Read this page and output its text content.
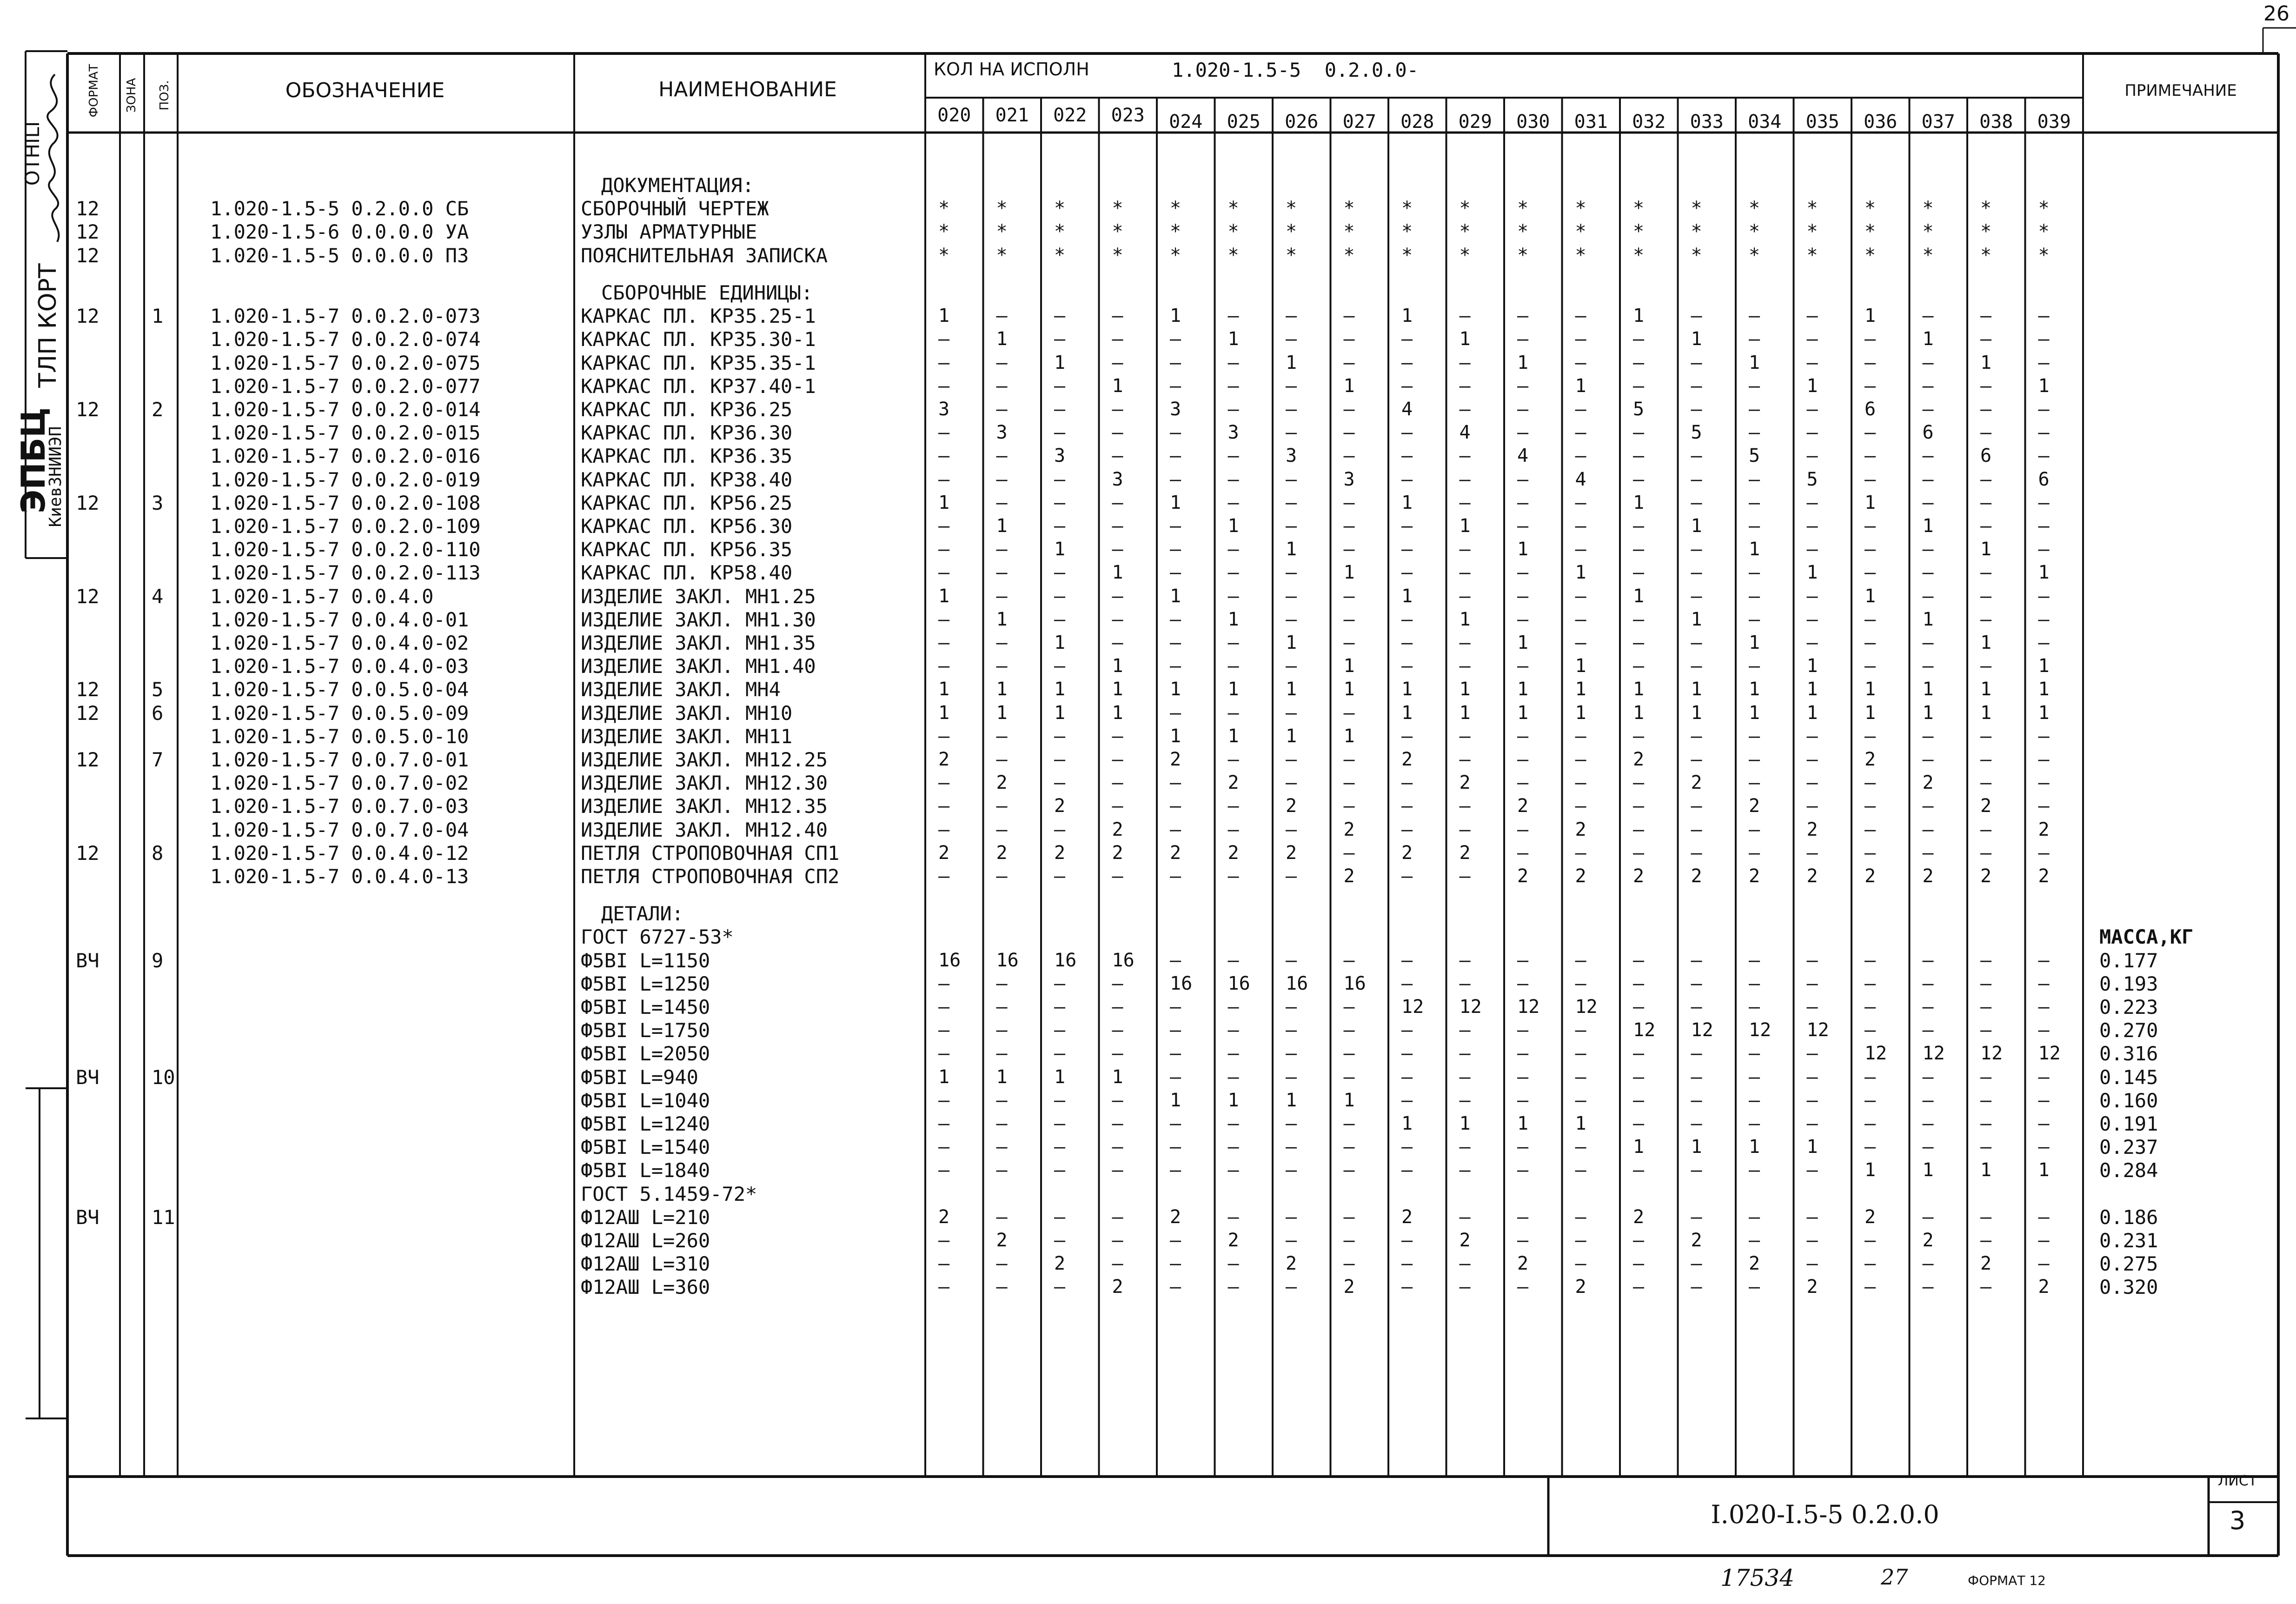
26
ФОРМАТ ЗОНА ПОЗ.	ОБОЗНАЧЕНИЕ	НАИМЕНОВАНИЕ
КОЛ НА ИСПОЛН	1.020-1.5-5  0.2.0.0-
ПРИМЕЧАНИЕ
020 021 022 023 024 025 026 027 028 029 030 031 032 033 034 035 036 037 038 039
КиевЗНИИЭП
ЭПБЦ
ТЛП КОРТ
OTHILI	ДОКУМЕНТАЦИЯ:
12	1.020-1.5-5 0.2.0.0 СБ	СБОРОЧНЫЙ ЧЕРТЕЖ	*	*	*	*	*	*	*	*	*	*	*	*	*	*	*	*	*	*	*	*
12	1.020-1.5-6 0.0.0.0 УА	УЗЛЫ АРМАТУРНЫЕ	*	*	*	*	*	*	*	*	*	*	*	*	*	*	*	*	*	*	*	*
12	1.020-1.5-5 0.0.0.0 ПЗ	ПОЯСНИТЕЛЬНАЯ ЗАПИСКА	*	*	*	*	*	*	*	*	*	*	*	*	*	*	*	*	*	*	*	*
СБОРОЧНЫЕ ЕДИНИЦЫ:
12	1 1.020-1.5-7 0.0.2.0-073	КАРКАС ПЛ. КР35.25-1	1	–	–	–	1	–	–	–	1	–	–	–	1	–	–	–	1	–	–	–
1.020-1.5-7 0.0.2.0-074	КАРКАС ПЛ. КР35.30-1	–	1	–	–	–	1	–	–	–	1	–	–	–	1	–	–	–	1	–	–
1.020-1.5-7 0.0.2.0-075	КАРКАС ПЛ. КР35.35-1	–	–	1	–	–	–	1	–	–	–	1	–	–	–	1	–	–	–	1	–
1.020-1.5-7 0.0.2.0-077	КАРКАС ПЛ. КР37.40-1	–	–	–	1	–	–	–	1	–	–	–	1	–	–	–	1	–	–	–	1
12	2 1.020-1.5-7 0.0.2.0-014	КАРКАС ПЛ. КР36.25	3	–	–	–	3	–	–	–	4	–	–	–	5	–	–	–	6	–	–	–
1.020-1.5-7 0.0.2.0-015	КАРКАС ПЛ. КР36.30	–	3	–	–	–	3	–	–	–	4	–	–	–	5	–	–	–	6	–	–
1.020-1.5-7 0.0.2.0-016	КАРКАС ПЛ. КР36.35	–	–	3	–	–	–	3	–	–	–	4	–	–	–	5	–	–	–	6	–
1.020-1.5-7 0.0.2.0-019	КАРКАС ПЛ. КР38.40	–	–	–	3	–	–	–	3	–	–	–	4	–	–	–	5	–	–	–	6
12	3 1.020-1.5-7 0.0.2.0-108	КАРКАС ПЛ. КР56.25	1	–	–	–	1	–	–	–	1	–	–	–	1	–	–	–	1	–	–	–
1.020-1.5-7 0.0.2.0-109	КАРКАС ПЛ. КР56.30	–	1	–	–	–	1	–	–	–	1	–	–	–	1	–	–	–	1	–	–
1.020-1.5-7 0.0.2.0-110	КАРКАС ПЛ. КР56.35	–	–	1	–	–	–	1	–	–	–	1	–	–	–	1	–	–	–	1	–
1.020-1.5-7 0.0.2.0-113	КАРКАС ПЛ. КР58.40	–	–	–	1	–	–	–	1	–	–	–	1	–	–	–	1	–	–	–	1
12	4 1.020-1.5-7 0.0.4.0	ИЗДЕЛИЕ ЗАКЛ. МН1.25	1	–	–	–	1	–	–	–	1	–	–	–	1	–	–	–	1	–	–	–
1.020-1.5-7 0.0.4.0-01	ИЗДЕЛИЕ ЗАКЛ. МН1.30	–	1	–	–	–	1	–	–	–	1	–	–	–	1	–	–	–	1	–	–
1.020-1.5-7 0.0.4.0-02	ИЗДЕЛИЕ ЗАКЛ. МН1.35	–	–	1	–	–	–	1	–	–	–	1	–	–	–	1	–	–	–	1	–
1.020-1.5-7 0.0.4.0-03	ИЗДЕЛИЕ ЗАКЛ. МН1.40	–	–	–	1	–	–	–	1	–	–	–	1	–	–	–	1	–	–	–	1
12	5 1.020-1.5-7 0.0.5.0-04	ИЗДЕЛИЕ ЗАКЛ. МН4	1	1	1	1	1	1	1	1	1	1	1	1	1	1	1	1	1	1	1	1
12	6 1.020-1.5-7 0.0.5.0-09	ИЗДЕЛИЕ ЗАКЛ. МН10	1	1	1	1	–	–	–	–	1	1	1	1	1	1	1	1	1	1	1	1
1.020-1.5-7 0.0.5.0-10	ИЗДЕЛИЕ ЗАКЛ. МН11	–	–	–	–	1	1	1	1	–	–	–	–	–	–	–	–	–	–	–	–
12	7 1.020-1.5-7 0.0.7.0-01	ИЗДЕЛИЕ ЗАКЛ. МН12.25	2	–	–	–	2	–	–	–	2	–	–	–	2	–	–	–	2	–	–	–
1.020-1.5-7 0.0.7.0-02	ИЗДЕЛИЕ ЗАКЛ. МН12.30	–	2	–	–	–	2	–	–	–	2	–	–	–	2	–	–	–	2	–	–
1.020-1.5-7 0.0.7.0-03	ИЗДЕЛИЕ ЗАКЛ. МН12.35	–	–	2	–	–	–	2	–	–	–	2	–	–	–	2	–	–	–	2	–
1.020-1.5-7 0.0.7.0-04	ИЗДЕЛИЕ ЗАКЛ. МН12.40	–	–	–	2	–	–	–	2	–	–	–	2	–	–	–	2	–	–	–	2
12	8 1.020-1.5-7 0.0.4.0-12	ПЕТЛЯ СТРОПОВОЧНАЯ СП1	2	2	2	2	2	2	2	–	2	2	–	–	–	–	–	–	–	–	–	–
1.020-1.5-7 0.0.4.0-13	ПЕТЛЯ СТРОПОВОЧНАЯ СП2	–	–	–	–	–	–	–	2	–	–	2	2	2	2	2	2	2	2	2	2
ДЕТАЛИ:
ГОСТ 6727-53*	МАССА,КГ
ВЧ	9	Ф5ВI L=1150	16 16 16 16 –	–	–	–	–	–	–	–	–	–	–	–	–	–	–	–	0.177
Ф5ВI L=1250	–	–	–	–	16 16 16 16 –	–	–	–	–	–	–	–	–	–	–	–	0.193
Ф5ВI L=1450	–	–	–	–	–	–	–	–	12 12 12 12 –	–	–	–	–	–	–	–	0.223
Ф5ВI L=1750	–	–	–	–	–	–	–	–	–	–	–	–	12 12 12 12 –	–	–	–	0.270
Ф5ВI L=2050	–	–	–	–	–	–	–	–	–	–	–	–	–	–	–	–	12 12 12 12 0.316
ВЧ	10	Ф5ВI L=940	1	1	1	1	–	–	–	–	–	–	–	–	–	–	–	–	–	–	–	–	0.145
Ф5ВI L=1040	–	–	–	–	1	1	1	1	–	–	–	–	–	–	–	–	–	–	–	–	0.160
Ф5ВI L=1240	–	–	–	–	–	–	–	–	1	1	1	1	–	–	–	–	–	–	–	–	0.191
Ф5ВI L=1540	–	–	–	–	–	–	–	–	–	–	–	–	1	1	1	1	–	–	–	–	0.237
Ф5ВI L=1840	–	–	–	–	–	–	–	–	–	–	–	–	–	–	–	–	1	1	1	1	0.284
ГОСТ 5.1459-72*
ВЧ	11	Ф12АШ L=210	2	–	–	–	2	–	–	–	2	–	–	–	2	–	–	–	2	–	–	–	0.186
Ф12АШ L=260	–	2	–	–	–	2	–	–	–	2	–	–	–	2	–	–	–	2	–	–	0.231
Ф12АШ L=310	–	–	2	–	–	–	2	–	–	–	2	–	–	–	2	–	–	–	2	–	0.275
Ф12АШ L=360	–	–	–	2	–	–	–	2	–	–	–	2	–	–	–	2	–	–	–	2	0.320
I.020-I.5-5 0.2.0.0
ЛИСТ
3
17534	27	ФОРМАТ 12
